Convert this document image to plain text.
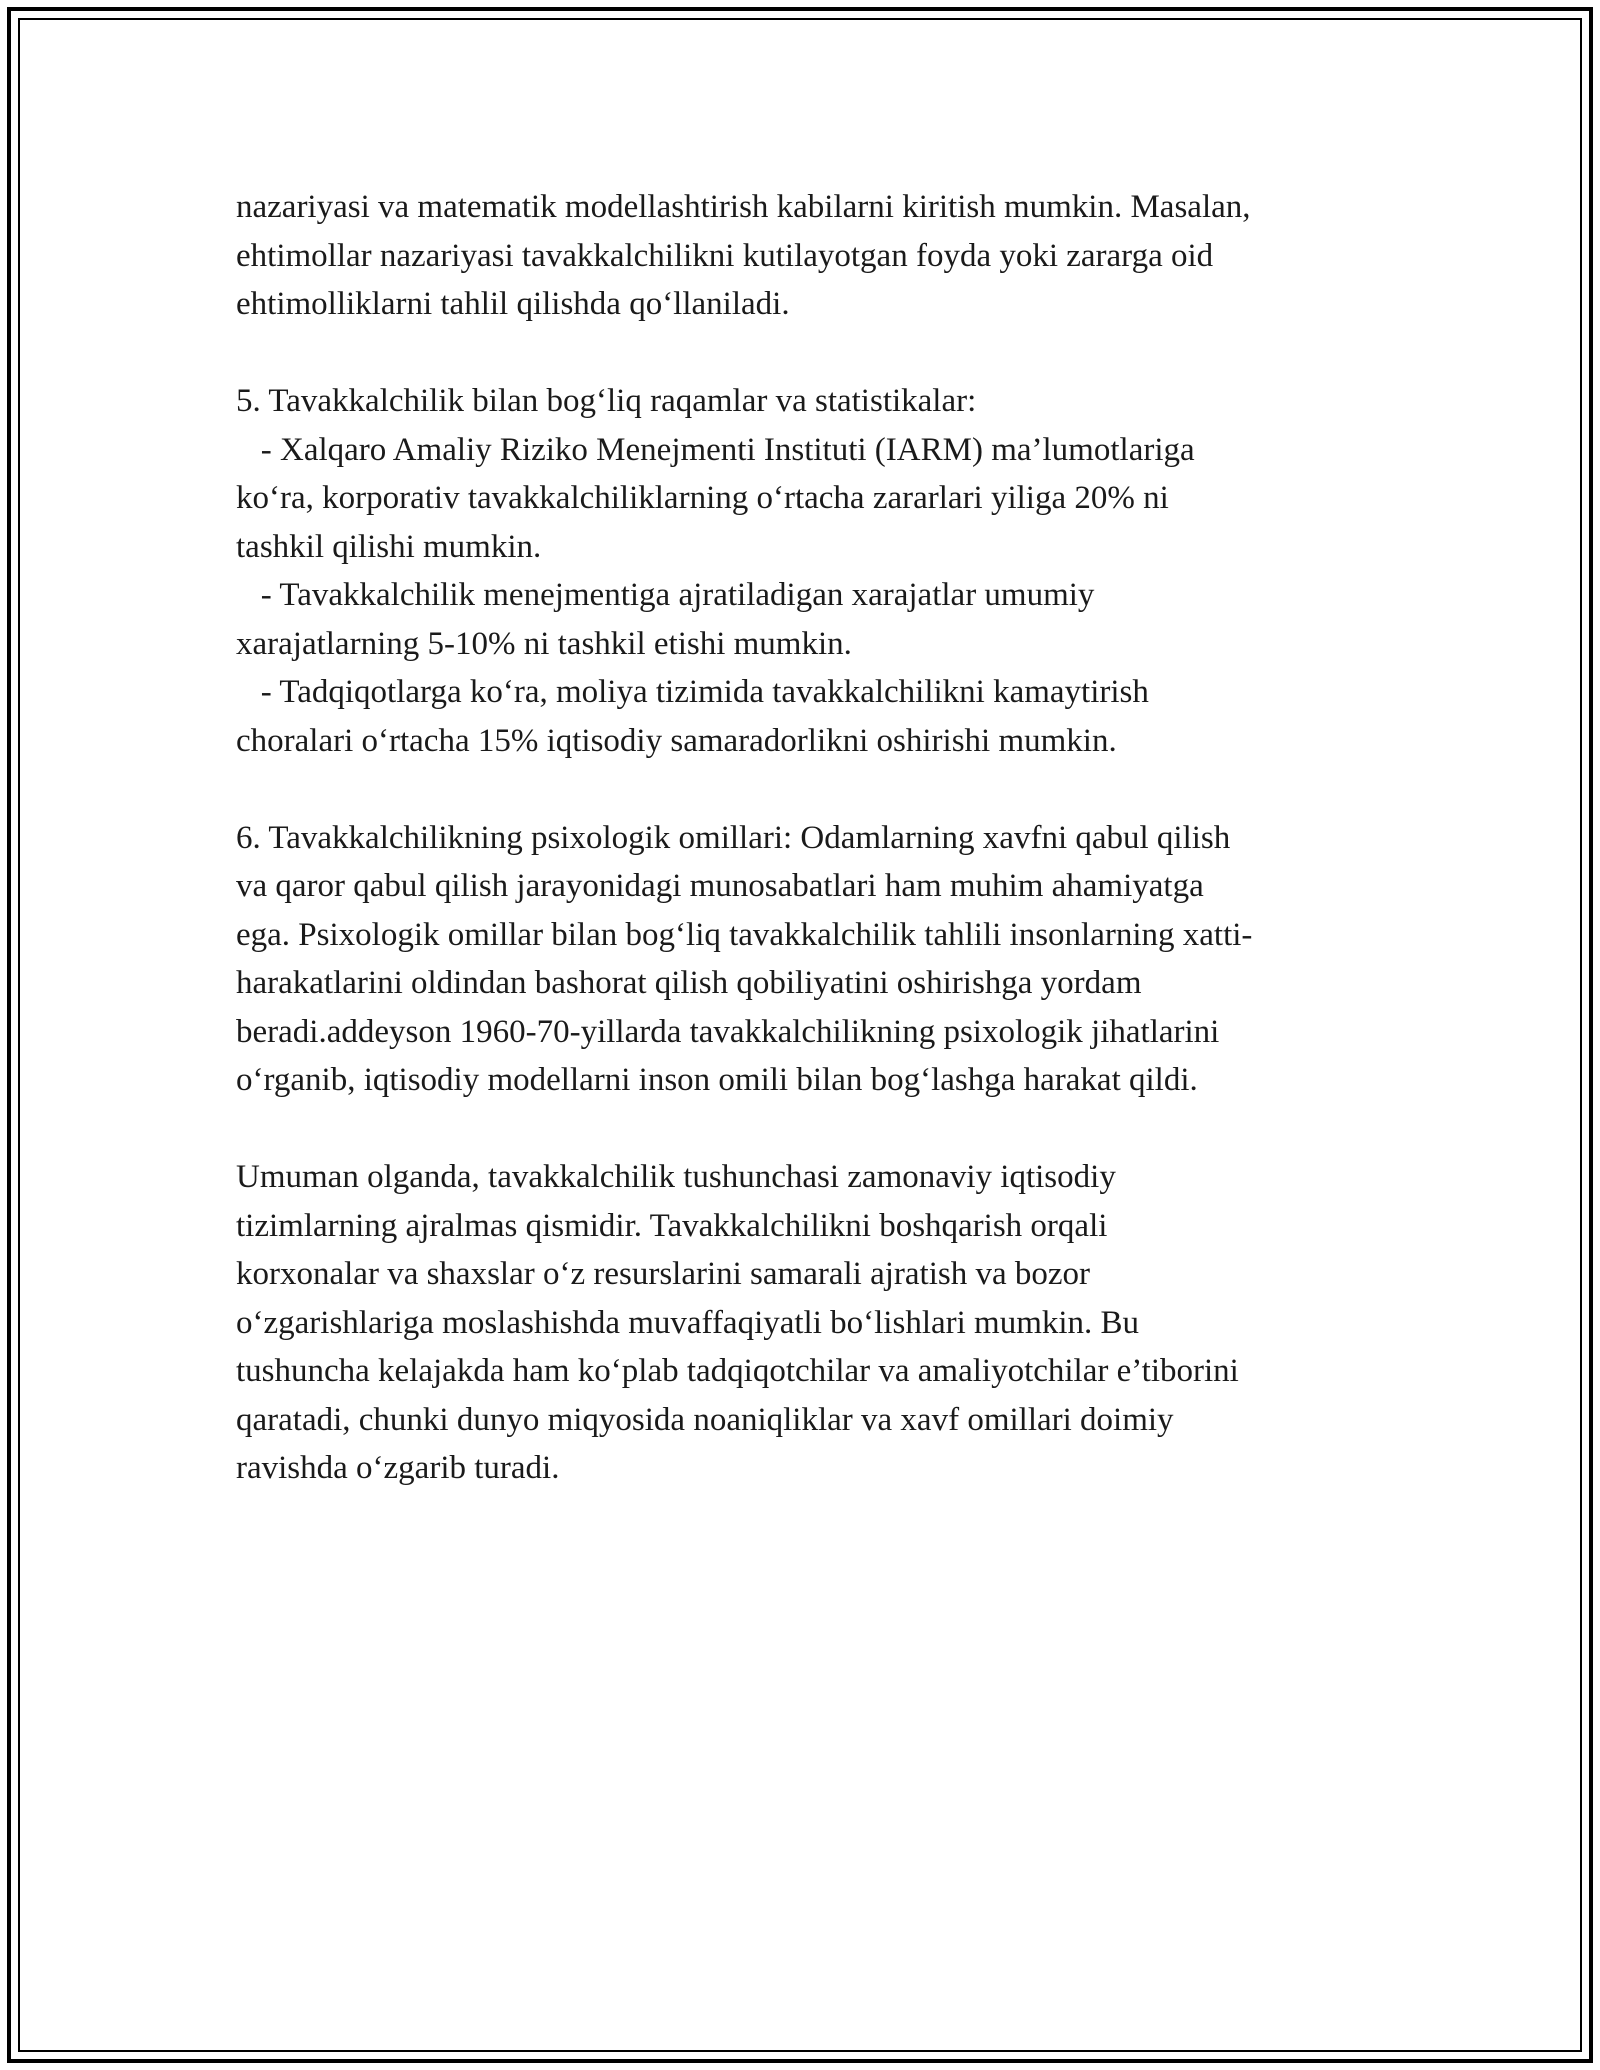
nazariyasi va matematik modellashtirish kabilarni kiritish mumkin. Masalan,
ehtimollar nazariyasi tavakkalchilikni kutilayotgan foyda yoki zararga oid
ehtimolliklarni tahlil qilishda qo‘llaniladi.
5. Tavakkalchilik bilan bog‘liq raqamlar va statistikalar:
- Xalqaro Amaliy Riziko Menejmenti Instituti (IARM) ma’lumotlariga
ko‘ra, korporativ tavakkalchiliklarning o‘rtacha zararlari yiliga 20% ni
tashkil qilishi mumkin.
- Tavakkalchilik menejmentiga ajratiladigan xarajatlar umumiy
xarajatlarning 5-10% ni tashkil etishi mumkin.
- Tadqiqotlarga ko‘ra, moliya tizimida tavakkalchilikni kamaytirish
choralari o‘rtacha 15% iqtisodiy samaradorlikni oshirishi mumkin.
6. Tavakkalchilikning psixologik omillari: Odamlarning xavfni qabul qilish
va qaror qabul qilish jarayonidagi munosabatlari ham muhim ahamiyatga
ega. Psixologik omillar bilan bog‘liq tavakkalchilik tahlili insonlarning xatti-
harakatlarini oldindan bashorat qilish qobiliyatini oshirishga yordam
beradi.addeyson 1960-70-yillarda tavakkalchilikning psixologik jihatlarini
o‘rganib, iqtisodiy modellarni inson omili bilan bog‘lashga harakat qildi.
Umuman olganda, tavakkalchilik tushunchasi zamonaviy iqtisodiy
tizimlarning ajralmas qismidir. Tavakkalchilikni boshqarish orqali
korxonalar va shaxslar o‘z resurslarini samarali ajratish va bozor
o‘zgarishlariga moslashishda muvaffaqiyatli bo‘lishlari mumkin. Bu
tushuncha kelajakda ham ko‘plab tadqiqotchilar va amaliyotchilar e’tiborini
qaratadi, chunki dunyo miqyosida noaniqliklar va xavf omillari doimiy
ravishda o‘zgarib turadi.
